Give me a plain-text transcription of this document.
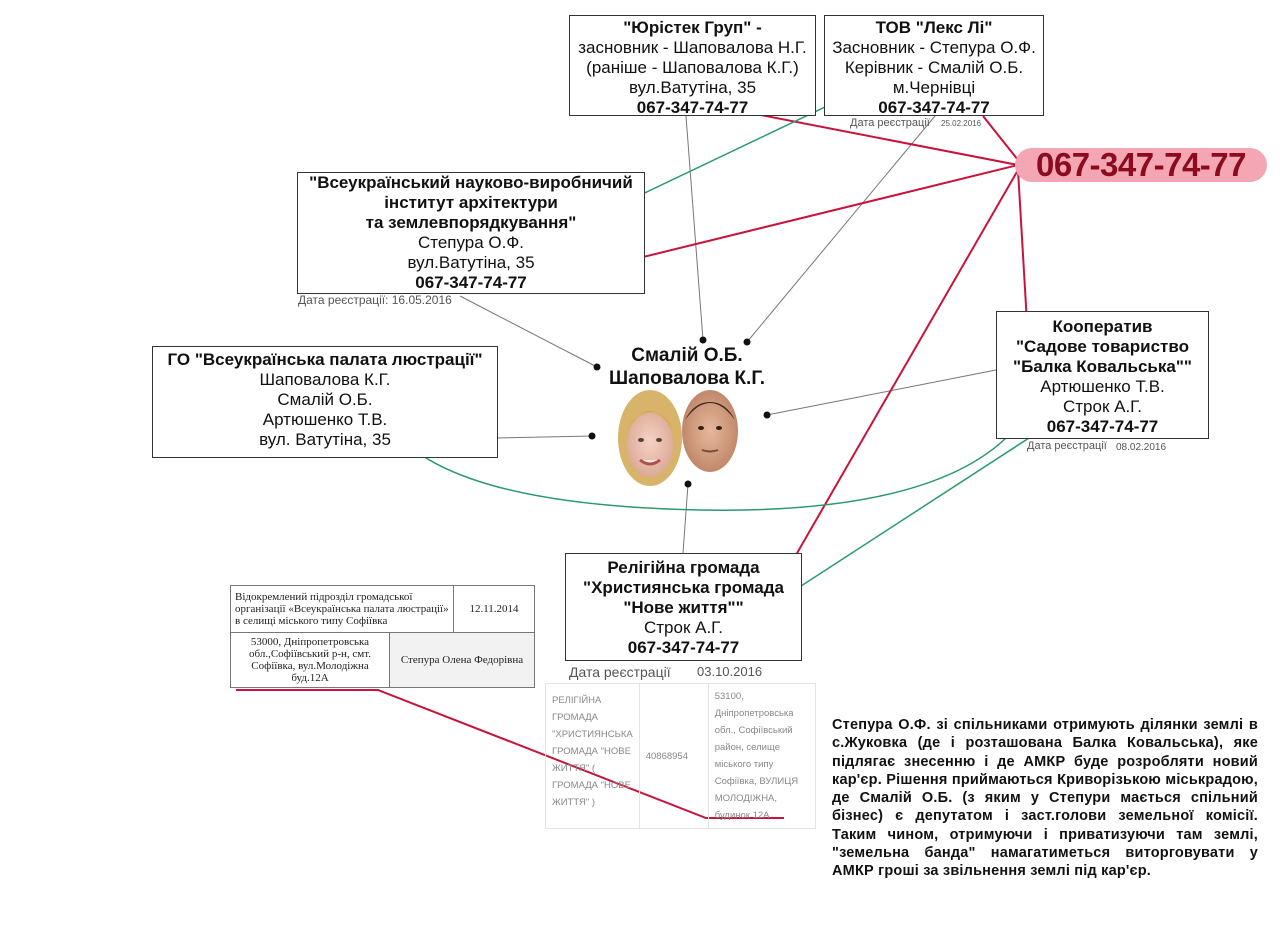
"Юрістек Груп" -
засновник - Шаповалова Н.Г.
(раніше - Шаповалова К.Г.)
вул.Ватутіна, 35
067-347-74-77
ТОВ "Лекс Лі"
Засновник - Степура О.Ф.
Керівник - Смалій О.Б.
м.Чернівці
067-347-74-77
Дата реєстрації 25.02.2016
067-347-74-77
"Всеукраїнський науково-виробничий
інститут архітектури
та землевпорядкування"
Степура О.Ф.
вул.Ватутіна, 35
067-347-74-77
Дата реєстрації: 16.05.2016
ГО "Всеукраїнська палата люстрації"
Шаповалова К.Г.
Смалій О.Б.
Артюшенко Т.В.
вул. Ватутіна, 35
Смалій О.Б.
Шаповалова К.Г.
Кооператив
"Садове товариство
"Балка Ковальська""
Артюшенко Т.В.
Строк А.Г.
067-347-74-77
Дата реєстрації 08.02.2016
Релігійна громада
"Християнська громада
"Нове життя""
Строк А.Г.
067-347-74-77
Дата реєстрації 03.10.2016
Відокремлений підрозділ громадської організації «Всеукраїнська палата люстрації» в селищі міського типу Софіївка		12.11.2014
53000, Дніпропетровська обл.,Софіївський р-н, смт. Софіївка, вул.Молодіжна буд.12А	Степура Олена Федорівна	
РЕЛІГІЙНА ГРОМАДА "ХРИСТИЯНСЬКА ГРОМАДА "НОВЕ ЖИТТЯ" ( ГРОМАДА "НОВЕ ЖИТТЯ" )	40868954	53100, Дніпропетровська обл., Софіївський район, селище міського типу Софіївка, ВУЛИЦЯ МОЛОДІЖНА, будинок 12А
Степура О.Ф. зі спільниками отримують ділянки землі в с.Жуковка (де і розташована Балка Ковальська), яке підлягає знесенню і де АМКР буде розробляти новий кар'єр. Рішення приймаються Криворізькою міськрадою, де Смалій О.Б. (з яким у Степури мається спільний бізнес) є депутатом і заст.голови земельної комісії. Таким чином, отримуючи і приватизуючи там землі, "земельна банда" намагатиметься виторговувати у АМКР гроші за звільнення землі під кар'єр.
